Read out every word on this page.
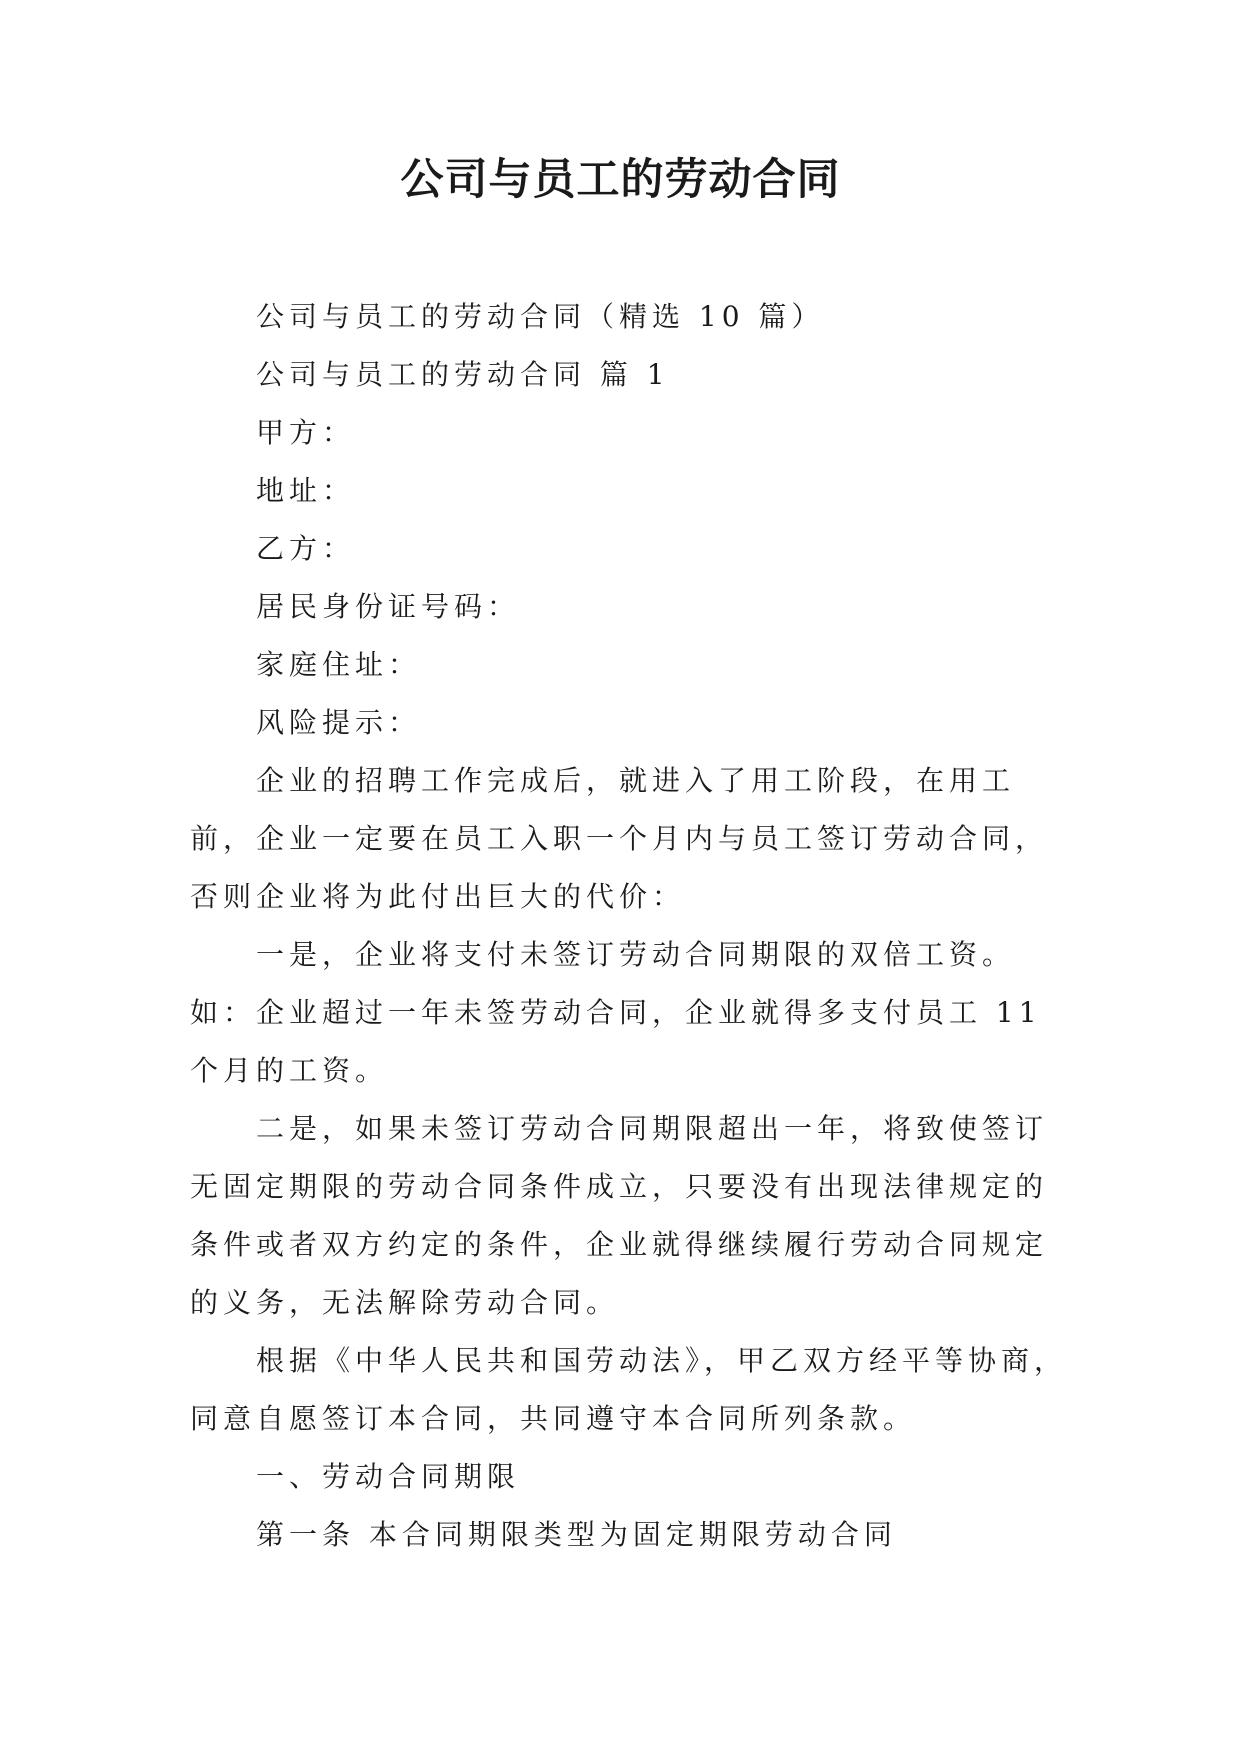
公司与员工的劳动合同

公司与员工的劳动合同（精选 10 篇）

公司与员工的劳动合同 篇 1

甲方：

地址：

乙方：

居民身份证号码：

家庭住址：

风险提示：

企业的招聘工作完成后，就进入了用工阶段，在用工前，企业一定要在员工入职一个月内与员工签订劳动合同，否则企业将为此付出巨大的代价：

一是，企业将支付未签订劳动合同期限的双倍工资。如：企业超过一年未签劳动合同，企业就得多支付员工 11 个月的工资。

二是，如果未签订劳动合同期限超出一年，将致使签订无固定期限的劳动合同条件成立，只要没有出现法律规定的条件或者双方约定的条件，企业就得继续履行劳动合同规定的义务，无法解除劳动合同。

根据《中华人民共和国劳动法》，甲乙双方经平等协商，同意自愿签订本合同，共同遵守本合同所列条款。

一、劳动合同期限

第一条 本合同期限类型为固定期限劳动合同
